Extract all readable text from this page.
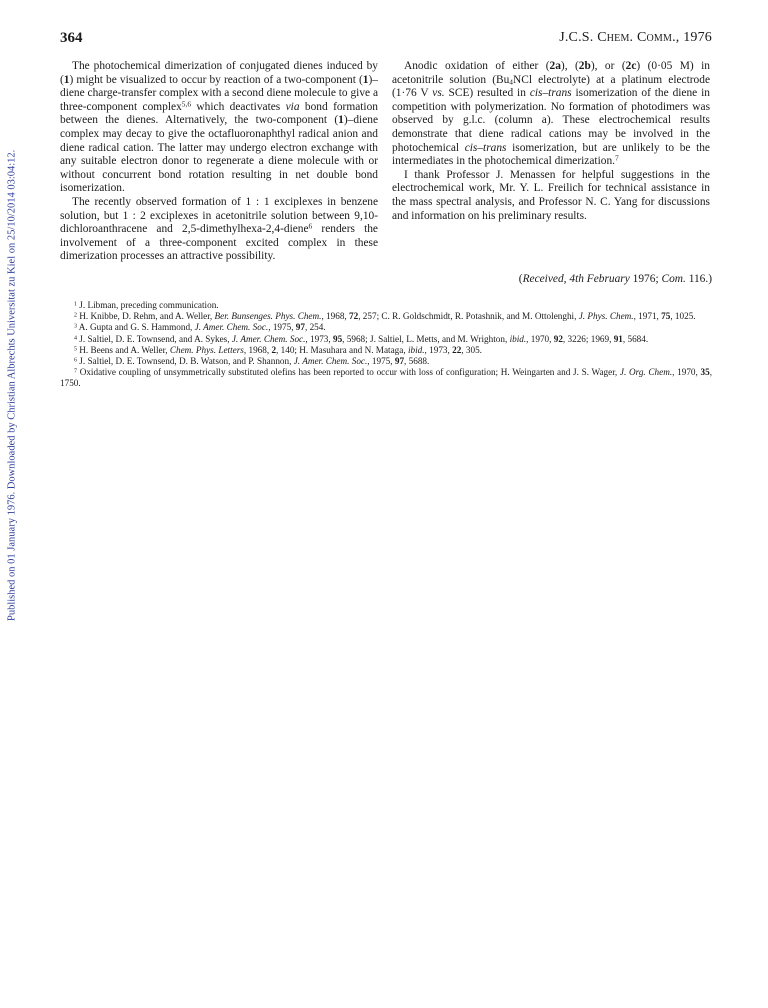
Published on 01 January 1976. Downloaded by Christian Albrechts Universitat zu Kiel on 25/10/2014 03:04:12.
364	J.C.S. Chem. Comm., 1976

The photochemical dimerization of conjugated dienes induced by (1) might be visualized to occur by reaction of a two-component (1)–diene charge-transfer complex with a second diene molecule to give a three-component complex$^{5,6}$ which deactivates via bond formation between the dienes. Alternatively, the two-component (1)–diene complex may decay to give the octafluoronaphthyl radical anion and diene radical cation. The latter may undergo electron exchange with any suitable electron donor to regenerate a diene molecule with or without concurrent bond rotation resulting in net double bond isomerization.

The recently observed formation of 1 : 1 exciplexes in benzene solution, but 1 : 2 exciplexes in acetonitrile solution between 9,10-dichloroanthracene and 2,5-dimethylhexa-2,4-diene$^6$ renders the involvement of a three-component excited complex in these dimerization processes an attractive possibility.

Anodic oxidation of either (2a), (2b), or (2c) (0·05 M) in acetonitrile solution ($Bu_4NCl$ electrolyte) at a platinum electrode (1·76 V vs. SCE) resulted in cis–trans isomerization of the diene in competition with polymerization. No formation of photodimers was observed by g.l.c. (column a). These electrochemical results demonstrate that diene radical cations may be involved in the photochemical cis–trans isomerization, but are unlikely to be the intermediates in the photochemical dimerization.$^7$

I thank Professor J. Menassen for helpful suggestions in the electrochemical work, Mr. Y. L. Freilich for technical assistance in the mass spectral analysis, and Professor N. C. Yang for discussions and information on his preliminary results.

(Received, 4th February 1976; Com. 116.)

$^1$ J. Libman, preceding communication.

$^2$ H. Knibbe, D. Rehm, and A. Weller, Ber. Bunsenges. Phys. Chem., 1968, 72, 257; C. R. Goldschmidt, R. Potashnik, and M. Ottolenghi, J. Phys. Chem., 1971, 75, 1025.

$^3$ A. Gupta and G. S. Hammond, J. Amer. Chem. Soc., 1975, 97, 254.

$^4$ J. Saltiel, D. E. Townsend, and A. Sykes, J. Amer. Chem. Soc., 1973, 95, 5968; J. Saltiel, L. Metts, and M. Wrighton, ibid., 1970, 92, 3226; 1969, 91, 5684.

$^5$ H. Beens and A. Weller, Chem. Phys. Letters, 1968, 2, 140; H. Masuhara and N. Mataga, ibid., 1973, 22, 305.

$^6$ J. Saltiel, D. E. Townsend, D. B. Watson, and P. Shannon, J. Amer. Chem. Soc., 1975, 97, 5688.

$^7$ Oxidative coupling of unsymmetrically substituted olefins has been reported to occur with loss of configuration; H. Weingarten and J. S. Wager, J. Org. Chem., 1970, 35, 1750.
